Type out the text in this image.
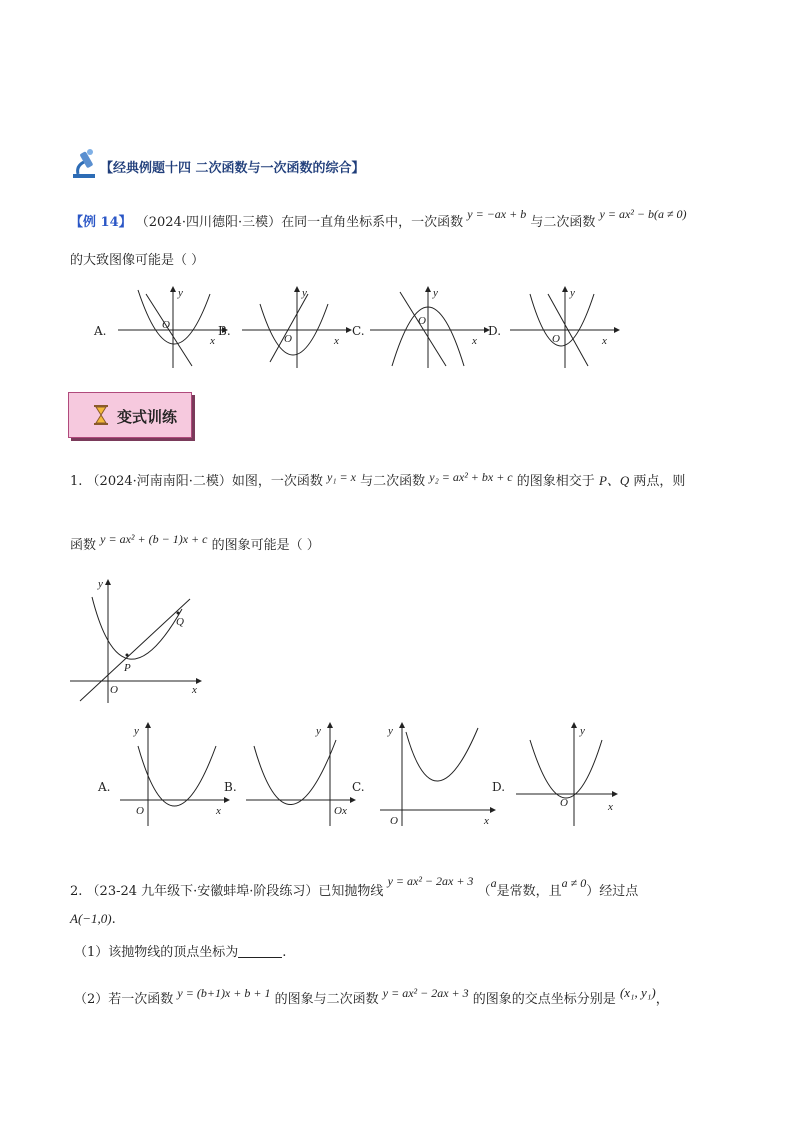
【经典例题十四 二次函数与一次函数的综合】
【例 14】 （2024·四川德阳·三模）在同一直角坐标系中，一次函数 y = −ax + b 与二次函数 y = ax² − b(a ≠ 0)
的大致图像可能是（ ）
A.
y
x
O	B.
y
x
O
C.
y
x
O
D.
y
x
O
变式训练
1. （2024·河南南阳·二模）如图，一次函数 y₁ = x 与二次函数 y₂ = ax² + bx + c 的图象相交于 P、Q 两点，则
函数 y = ax² + (b − 1)x + c 的图象可能是（ ）
y
x
O
P
Q
A.
y
x
O
B.
y
x
O
C.
y
x
O
D.
y
x
O
2. （23-24 九年级下·安徽蚌埠·阶段练习）已知抛物线 y = ax² − 2ax + 3 （a是常数，且a ≠ 0）经过点
A(−1,0).
（1）该抛物线的顶点坐标为	.
（2）若一次函数 y = (b+1)x + b + 1 的图象与二次函数 y = ax² − 2ax + 3 的图象的交点坐标分别是 (x₁, y₁)，
